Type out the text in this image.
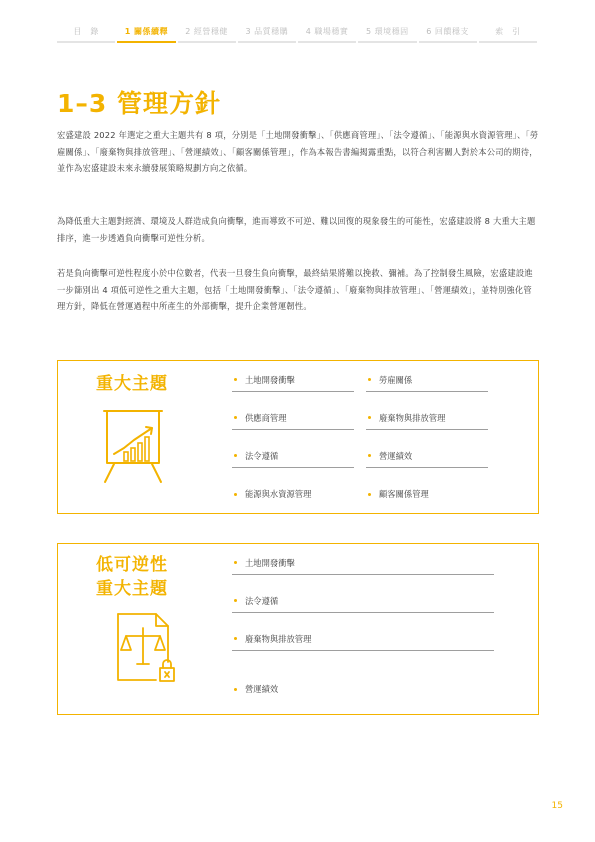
目　錄	1 關係續釋	2 經營穩健	3 品質穩購	4 職場穩實	5 環境穩固	6 回饋穩支	索　引
1–3 管理方針

宏盛建設 2022 年選定之重大主題共有 8 項，分別是「土地開發衝擊」、「供應商管理」、「法令遵循」、「能源與水資源管理」、「勞雇關係」、「廢棄物與排放管理」、「營運績效」、「顧客關係管理」，作為本報告書編揭露重點，以符合利害關人對於本公司的期待，並作為宏盛建設未來永續發展策略規劃方向之依循。

為降低重大主題對經濟、環境及人群造成負向衝擊，進而導致不可逆、難以回復的現象發生的可能性，宏盛建設將 8 大重大主題排序，進一步透過負向衝擊可逆性分析。

若是負向衝擊可逆性程度小於中位數者，代表一旦發生負向衝擊，最終結果將難以挽救、彌補。為了控制發生風險，宏盛建設進一步篩別出 4 項低可逆性之重大主題，包括「土地開發衝擊」、「法令遵循」、「廢棄物與排放管理」、「營運績效」，並特別強化管理方針，降低在營運過程中所產生的外部衝擊，提升企業營運韌性。

重大主題	土地開發衝擊
供應商管理
法令遵循
能源與水資源管理
勞雇關係
廢棄物與排放管理
營運績效
顧客關係管理
低可逆性
重大主題
土地開發衝擊
法令遵循
廢棄物與排放管理
營運績效
15
